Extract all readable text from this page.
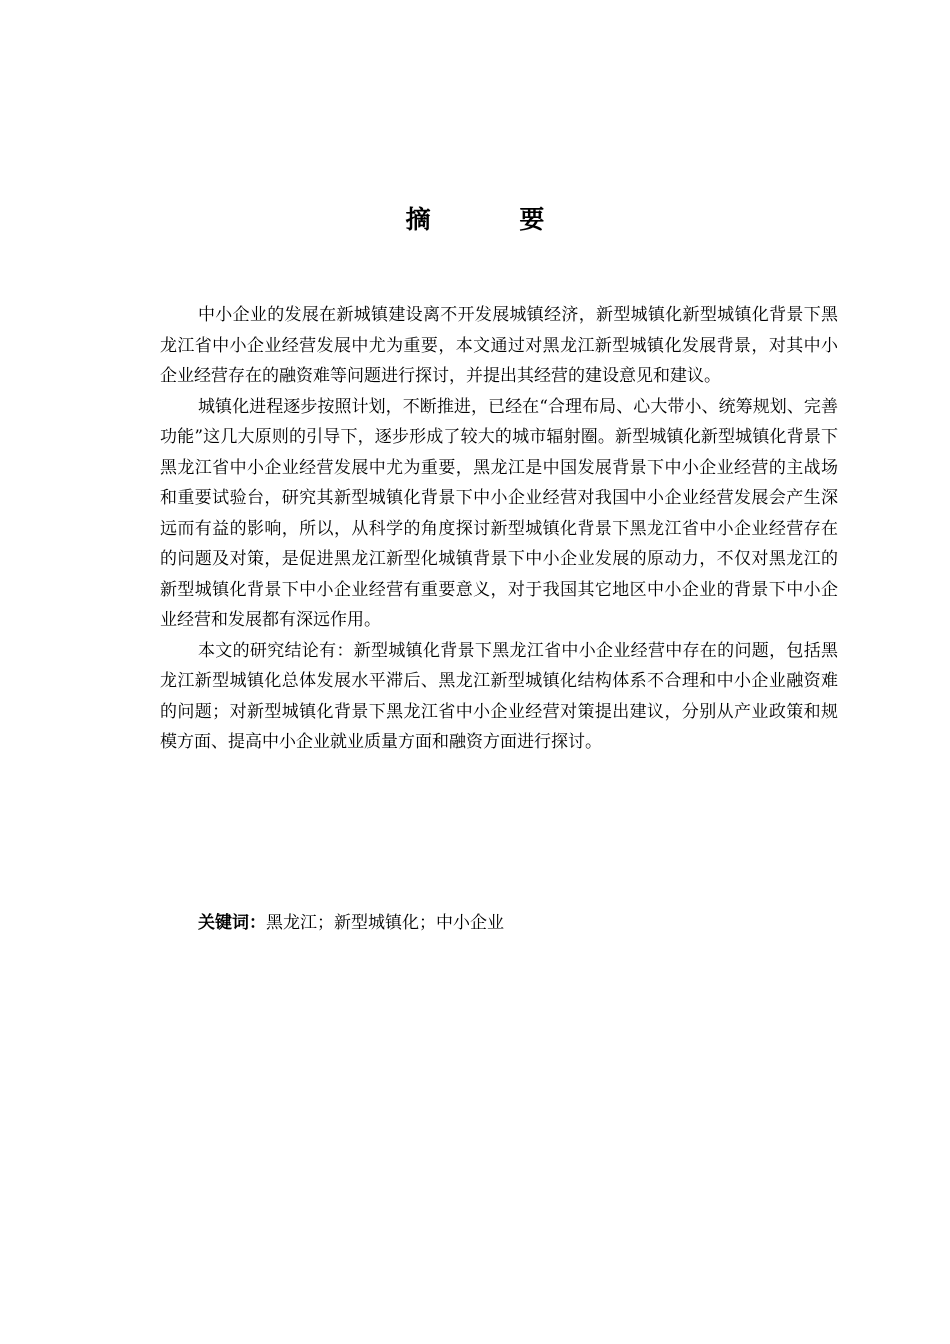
摘 要

中小企业的发展在新城镇建设离不开发展城镇经济，新型城镇化新型城镇化背景下黑龙江省中小企业经营发展中尤为重要，本文通过对黑龙江新型城镇化发展背景，对其中小企业经营存在的融资难等问题进行探讨，并提出其经营的建设意见和建议。

城镇化进程逐步按照计划，不断推进，已经在“合理布局、心大带小、统筹规划、完善功能”这几大原则的引导下，逐步形成了较大的城市辐射圈。新型城镇化新型城镇化背景下黑龙江省中小企业经营发展中尤为重要，黑龙江是中国发展背景下中小企业经营的主战场和重要试验台，研究其新型城镇化背景下中小企业经营对我国中小企业经营发展会产生深远而有益的影响，所以，从科学的角度探讨新型城镇化背景下黑龙江省中小企业经营存在的问题及对策，是促进黑龙江新型化城镇背景下中小企业发展的原动力，不仅对黑龙江的新型城镇化背景下中小企业经营有重要意义，对于我国其它地区中小企业的背景下中小企业经营和发展都有深远作用。

本文的研究结论有：新型城镇化背景下黑龙江省中小企业经营中存在的问题，包括黑龙江新型城镇化总体发展水平滞后、黑龙江新型城镇化结构体系不合理和中小企业融资难的问题；对新型城镇化背景下黑龙江省中小企业经营对策提出建议，分别从产业政策和规模方面、提高中小企业就业质量方面和融资方面进行探讨。

关键词：黑龙江；新型城镇化；中小企业
